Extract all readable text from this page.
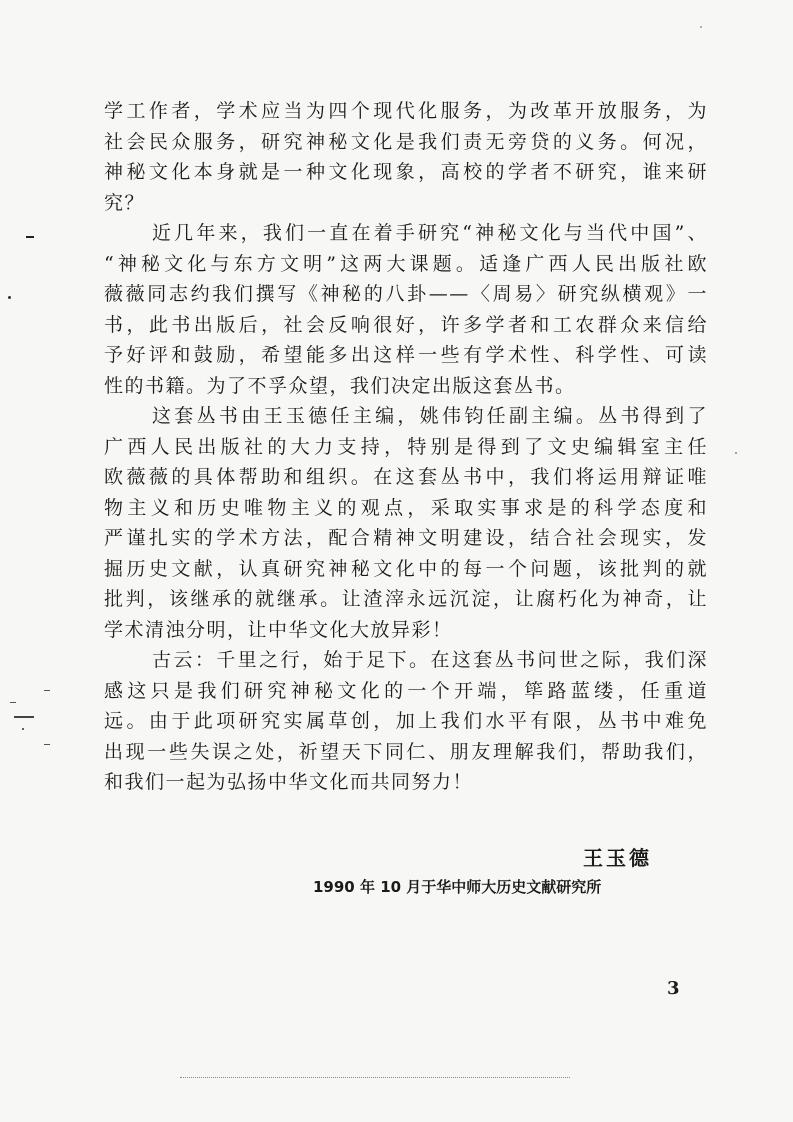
学工作者，学术应当为四个现代化服务，为改革开放服务，为
社会民众服务，研究神秘文化是我们责无旁贷的义务。何况，
神秘文化本身就是一种文化现象，高校的学者不研究，谁来研
究？
近几年来，我们一直在着手研究“神秘文化与当代中国”、
“神秘文化与东方文明”这两大课题。适逢广西人民出版社欧
薇薇同志约我们撰写《神秘的八卦——〈周易〉研究纵横观》一
书，此书出版后，社会反响很好，许多学者和工农群众来信给
予好评和鼓励，希望能多出这样一些有学术性、科学性、可读
性的书籍。为了不孚众望，我们决定出版这套丛书。
这套丛书由王玉德任主编，姚伟钧任副主编。丛书得到了
广西人民出版社的大力支持，特别是得到了文史编辑室主任
欧薇薇的具体帮助和组织。在这套丛书中，我们将运用辩证唯
物主义和历史唯物主义的观点，采取实事求是的科学态度和
严谨扎实的学术方法，配合精神文明建设，结合社会现实，发
掘历史文献，认真研究神秘文化中的每一个问题，该批判的就
批判，该继承的就继承。让渣滓永远沉淀，让腐朽化为神奇，让
学术清浊分明，让中华文化大放异彩！
古云：千里之行，始于足下。在这套丛书问世之际，我们深
感这只是我们研究神秘文化的一个开端，筚路蓝缕，任重道
远。由于此项研究实属草创，加上我们水平有限，丛书中难免
出现一些失误之处，祈望天下同仁、朋友理解我们，帮助我们，
和我们一起为弘扬中华文化而共同努力！
王玉德
1990 年 10 月于华中师大历史文献研究所
3
